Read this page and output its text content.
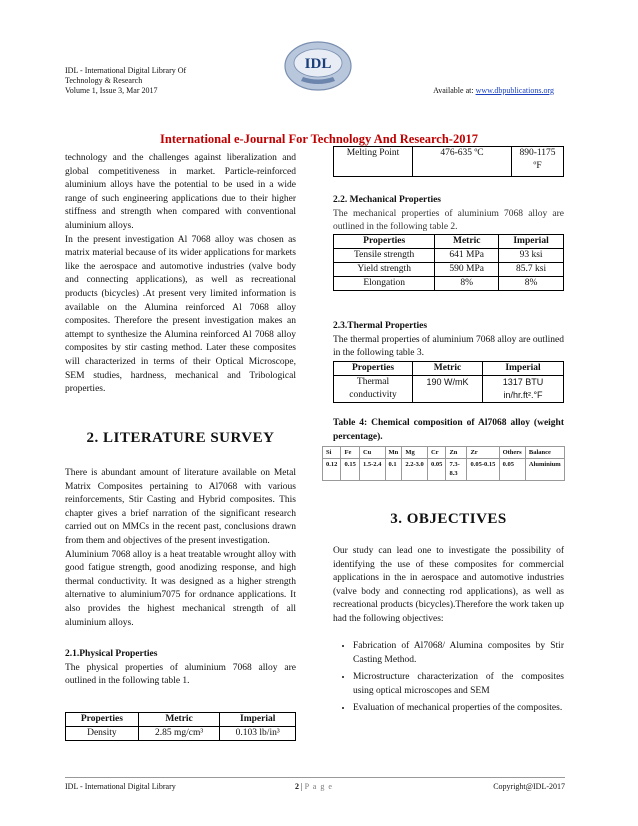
IDL - International Digital Library Of
Technology & Research
Volume 1, Issue 3, Mar 2017
IDL
Available at: www.dbpublications.org
International e-Journal For Technology And Research-2017

technology and the challenges against liberalization and global competitiveness in market. Particle-reinforced aluminium alloys have the potential to be used in a wide range of such engineering applications due to their higher stiffness and strength when compared with conventional aluminium alloys.

In the present investigation Al 7068 alloy was chosen as matrix material because of its wider applications for markets like the aerospace and automotive industries (valve body and connecting applications), as well as recreational products (bicycles) .At present very limited information is available on the Alumina reinforced Al 7068 alloy composites. Therefore the present investigation makes an attempt to synthesize the Alumina reinforced Al 7068 alloy composites by stir casting method. Later these composites will characterized in terms of their Optical Microscope, SEM studies, hardness, mechanical and Tribological properties.

2. LITERATURE SURVEY

There is abundant amount of literature available on Metal Matrix Composites pertaining to Al7068 with various reinforcements, Stir Casting and Hybrid composites. This chapter gives a brief narration of the significant research carried out on MMCs in the recent past, conclusions drawn from them and objectives of the present investigation.

Aluminium 7068 alloy is a heat treatable wrought alloy with good fatigue strength, good anodizing response, and high thermal conductivity. It was designed as a higher strength alternative to aluminium7075 for ordnance applications. It also provides the highest mechanical strength of all aluminium alloys.

2.1.Physical Properties

The physical properties of aluminium 7068 alloy are outlined in the following table 1.

Properties	Metric	Imperial
Density	2.85 mg/cm³	0.103 lb/in³
Melting Point	476-635 ºC	890-1175 ºF

2.2. Mechanical Properties

The mechanical properties of aluminium 7068 alloy are outlined in the following table 2.

Properties	Metric	Imperial
Tensile strength	641 MPa	93 ksi
Yield strength	590 MPa	85.7 ksi
Elongation	8%	8%

2.3.Thermal Properties

The thermal properties of aluminium 7068 alloy are outlined in the following table 3.

Properties	Metric	Imperial
Thermal conductivity	190 W/mK	1317 BTU in/hr.ft².°F
Table 4: Chemical composition of Al7068 alloy (weight percentage).
Si	Fe	Cu	Mn	Mg	Cr	Zn	Zr	Others	Balance
0.12	0.15	1.5-2.4	0.1	2.2-3.0	0.05	7.3-8.3	0.05-0.15	0.05	Aluminium
3. OBJECTIVES
Our study can lead one to investigate the possibility of identifying the use of these composites for commercial applications in the in aerospace and automotive industries (valve body and connecting rod applications), as well as recreational products (bicycles).Therefore the work taken up had the following objectives:
• Fabrication of Al7068/ Alumina composites by Stir Casting Method.
• Microstructure characterization of the composites using optical microscopes and SEM
• Evaluation of mechanical properties of the composites.
IDL - International Digital Library	2 | P a g e	Copyright@IDL-2017
